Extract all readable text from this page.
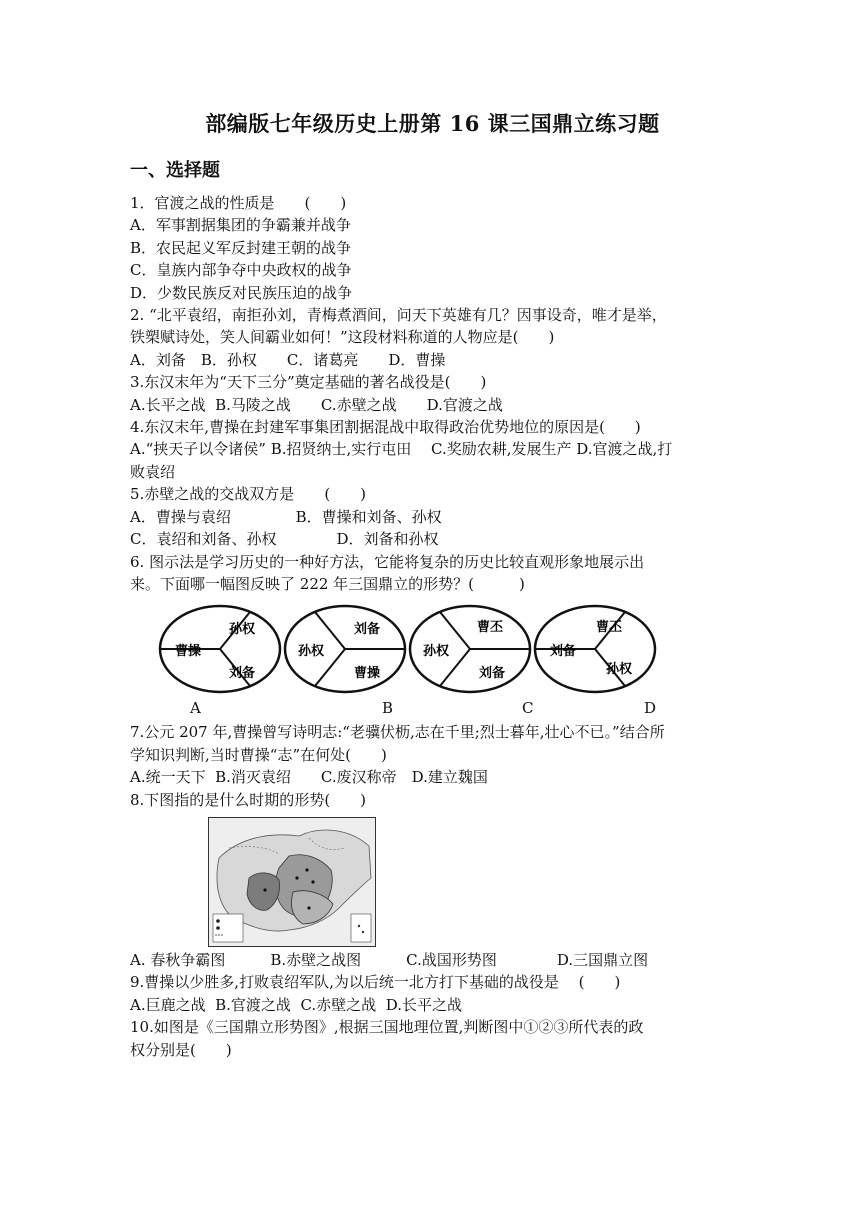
部编版七年级历史上册第 16 课三国鼎立练习题
一、选择题

1．官渡之战的性质是　　(　　)

A．军事割据集团的争霸兼并战争

B．农民起义军反封建王朝的战争

C．皇族内部争夺中央政权的战争

D．少数民族反对民族压迫的战争

2. “北平袁绍，南拒孙刘，青梅煮酒间，问天下英雄有几？因事设奇，唯才是举，

铁槊赋诗处，笑人间霸业如何！”这段材料称道的人物应是(　　)

A．刘备　B．孙权　　C．诸葛亮　　D．曹操

3.东汉末年为“天下三分”奠定基础的著名战役是(　　)

A.长平之战  B.马陵之战　　C.赤壁之战　　D.官渡之战

4.东汉末年,曹操在封建军事集团割据混战中取得政治优势地位的原因是(　　)

A.“挟天子以令诸侯” B.招贤纳士,实行屯田　 C.奖励农耕,发展生产 D.官渡之战,打

败袁绍

5.赤壁之战的交战双方是　　(　　)

A．曹操与袁绍　　　　 B．曹操和刘备、孙权

C．袁绍和刘备、孙权　　　　D．刘备和孙权

6. 图示法是学习历史的一种好方法，它能将复杂的历史比较直观形象地展示出

来。下面哪一幅图反映了 222 年三国鼎立的形势？(　　　)

孙权
曹操
刘备
刘备
孙权
曹操
曹丕
孙权
刘备
曹丕
刘备
孙权
A	B	C	D

7.公元 207 年,曹操曾写诗明志:“老骥伏枥,志在千里;烈士暮年,壮心不已。”结合所

学知识判断,当时曹操“志”在何处(　　)

A.统一天下  B.消灭袁绍　　C.废汉称帝　D.建立魏国

8.下图指的是什么时期的形势(　　)

A. 春秋争霸图　　　B.赤壁之战图　　　C.战国形势图　　　　D.三国鼎立图

9.曹操以少胜多,打败袁绍军队,为以后统一北方打下基础的战役是　 (　　)

A.巨鹿之战  B.官渡之战  C.赤壁之战  D.长平之战

10.如图是《三国鼎立形势图》,根据三国地理位置,判断图中①②③所代表的政

权分别是(　　)
